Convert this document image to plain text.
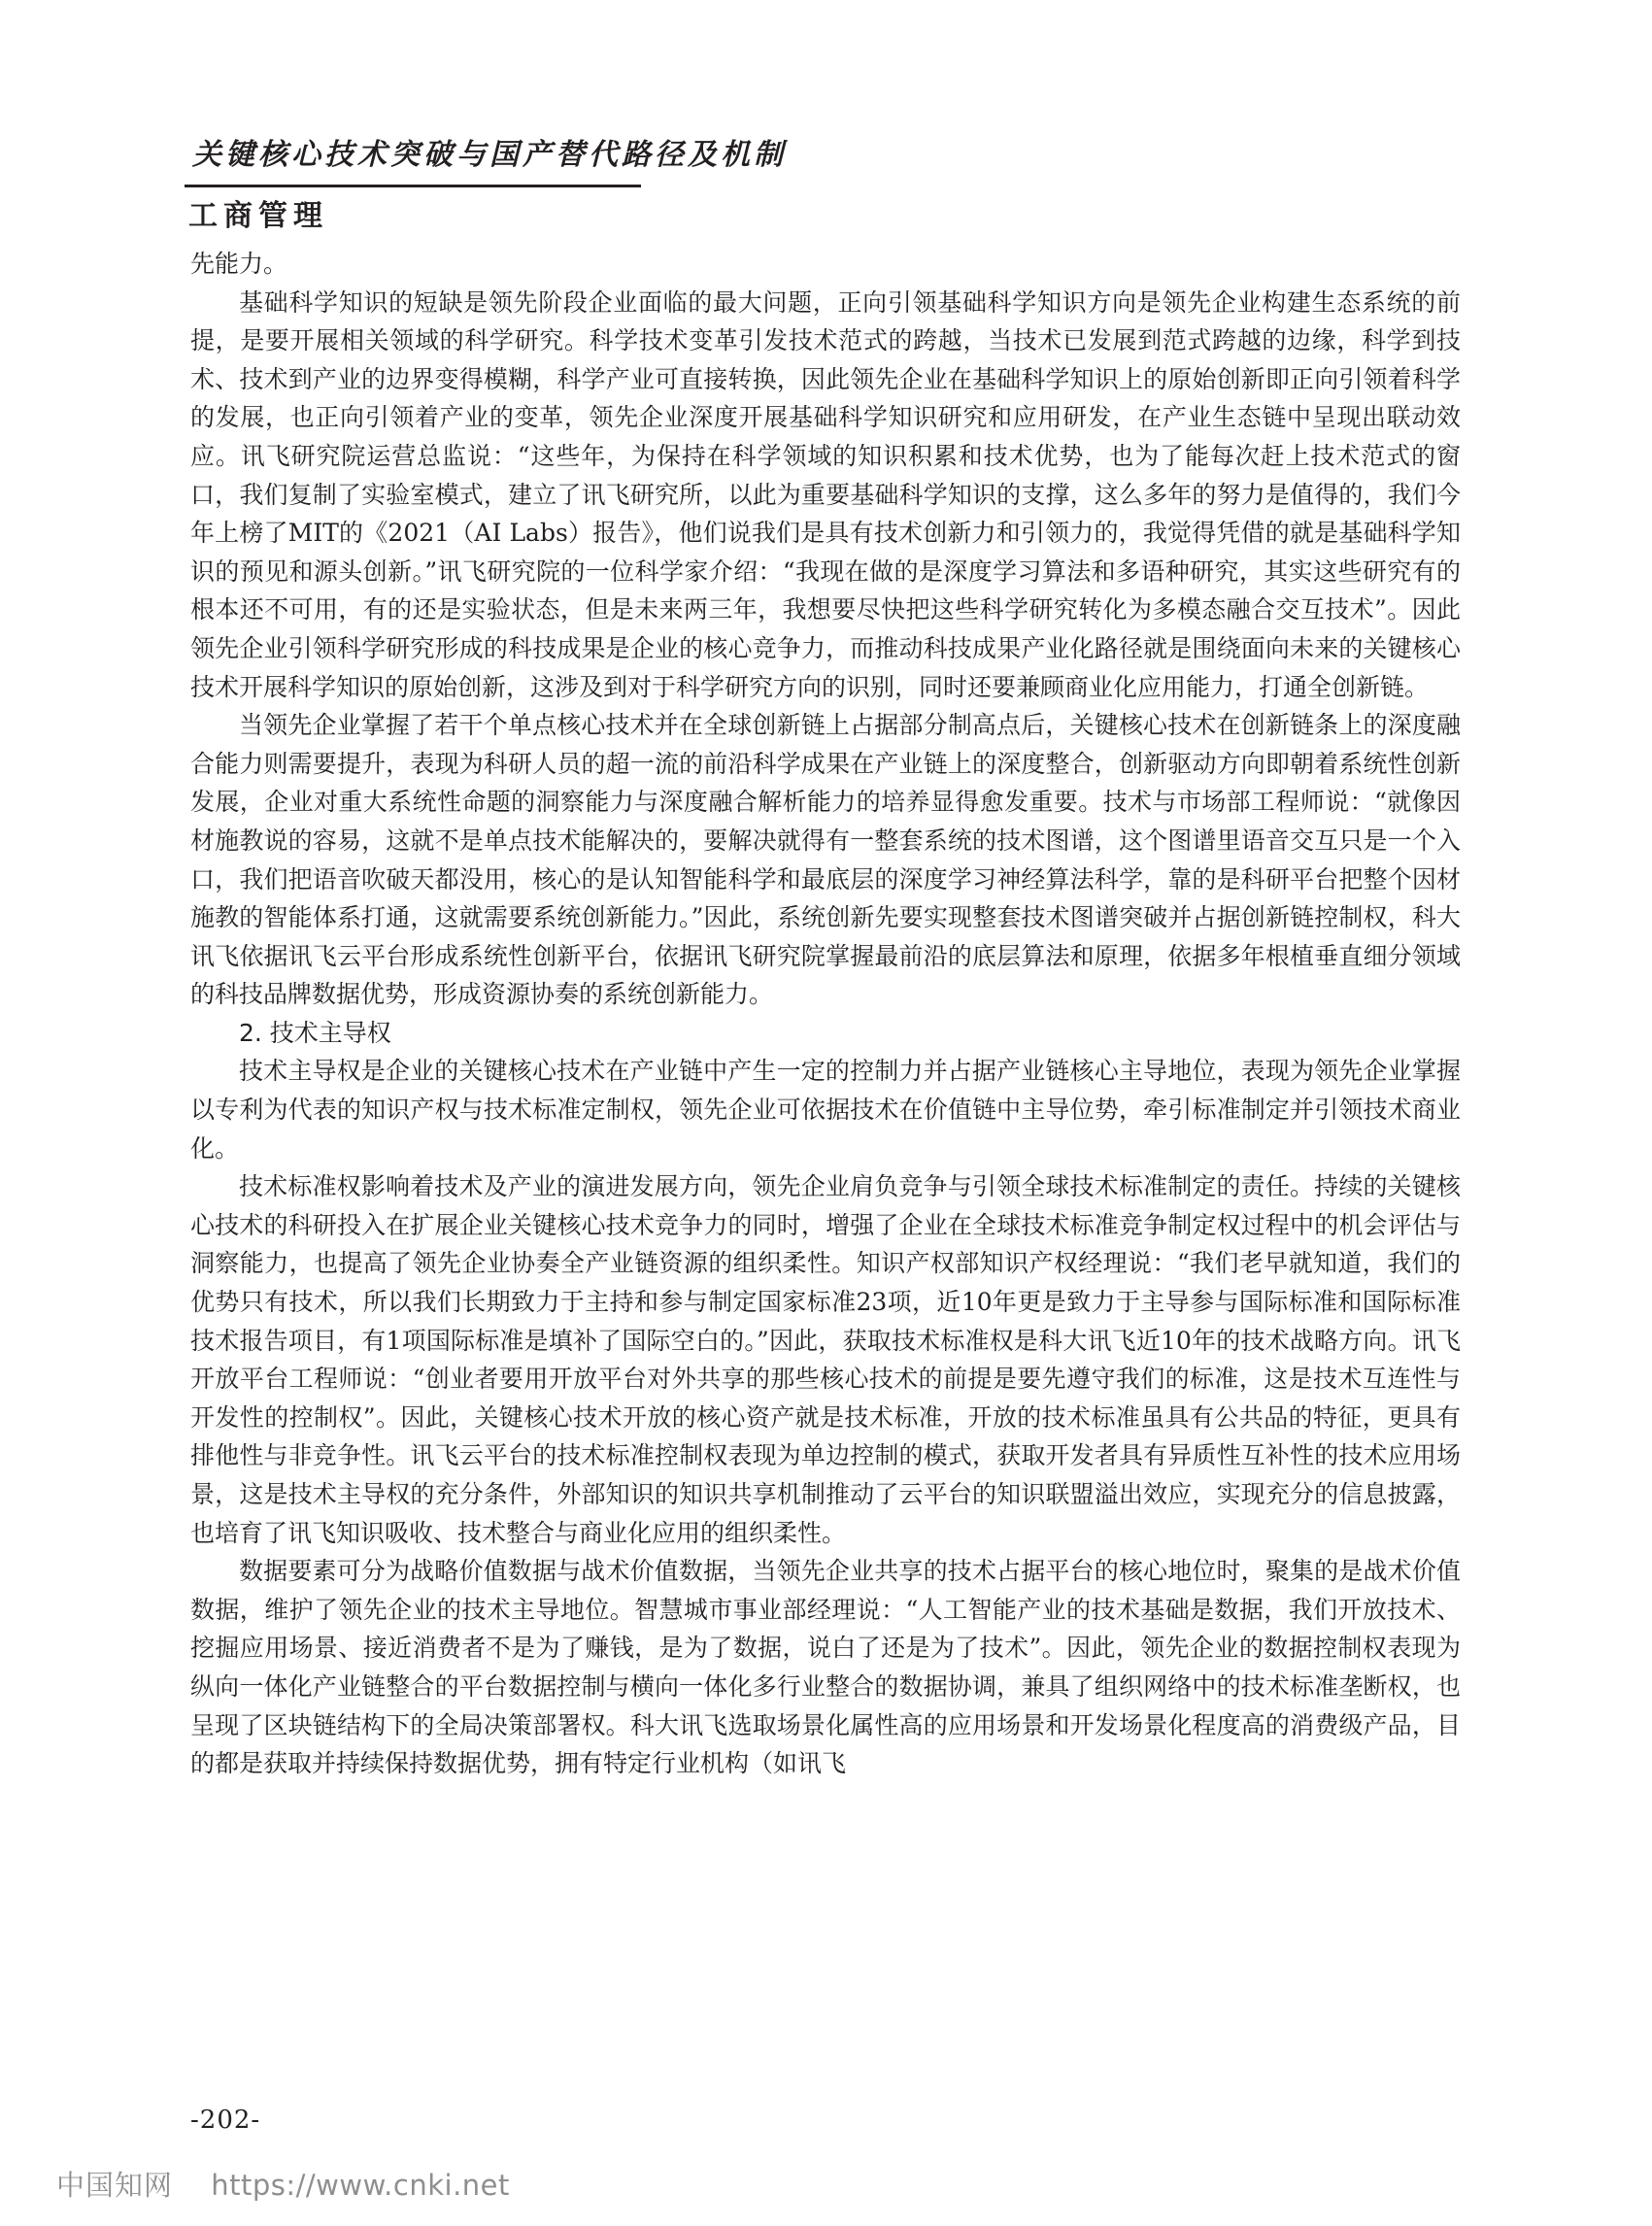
关键核心技术突破与国产替代路径及机制
工商管理

先能力。

基础科学知识的短缺是领先阶段企业面临的最大问题，正向引领基础科学知识方向是领先企业构建生态系统的前提，是要开展相关领域的科学研究。科学技术变革引发技术范式的跨越，当技术已发展到范式跨越的边缘，科学到技术、技术到产业的边界变得模糊，科学产业可直接转换，因此领先企业在基础科学知识上的原始创新即正向引领着科学的发展，也正向引领着产业的变革，领先企业深度开展基础科学知识研究和应用研发，在产业生态链中呈现出联动效应。讯飞研究院运营总监说：“这些年，为保持在科学领域的知识积累和技术优势，也为了能每次赶上技术范式的窗口，我们复制了实验室模式，建立了讯飞研究所，以此为重要基础科学知识的支撑，这么多年的努力是值得的，我们今年上榜了MIT的《2021（AI Labs）报告》，他们说我们是具有技术创新力和引领力的，我觉得凭借的就是基础科学知识的预见和源头创新。”讯飞研究院的一位科学家介绍：“我现在做的是深度学习算法和多语种研究，其实这些研究有的根本还不可用，有的还是实验状态，但是未来两三年，我想要尽快把这些科学研究转化为多模态融合交互技术”。因此领先企业引领科学研究形成的科技成果是企业的核心竞争力，而推动科技成果产业化路径就是围绕面向未来的关键核心技术开展科学知识的原始创新，这涉及到对于科学研究方向的识别，同时还要兼顾商业化应用能力，打通全创新链。

当领先企业掌握了若干个单点核心技术并在全球创新链上占据部分制高点后，关键核心技术在创新链条上的深度融合能力则需要提升，表现为科研人员的超一流的前沿科学成果在产业链上的深度整合，创新驱动方向即朝着系统性创新发展，企业对重大系统性命题的洞察能力与深度融合解析能力的培养显得愈发重要。技术与市场部工程师说：“就像因材施教说的容易，这就不是单点技术能解决的，要解决就得有一整套系统的技术图谱，这个图谱里语音交互只是一个入口，我们把语音吹破天都没用，核心的是认知智能科学和最底层的深度学习神经算法科学，靠的是科研平台把整个因材施教的智能体系打通，这就需要系统创新能力。”因此，系统创新先要实现整套技术图谱突破并占据创新链控制权，科大讯飞依据讯飞云平台形成系统性创新平台，依据讯飞研究院掌握最前沿的底层算法和原理，依据多年根植垂直细分领域的科技品牌数据优势，形成资源协奏的系统创新能力。

2. 技术主导权

技术主导权是企业的关键核心技术在产业链中产生一定的控制力并占据产业链核心主导地位，表现为领先企业掌握以专利为代表的知识产权与技术标准定制权，领先企业可依据技术在价值链中主导位势，牵引标准制定并引领技术商业化。

技术标准权影响着技术及产业的演进发展方向，领先企业肩负竞争与引领全球技术标准制定的责任。持续的关键核心技术的科研投入在扩展企业关键核心技术竞争力的同时，增强了企业在全球技术标准竞争制定权过程中的机会评估与洞察能力，也提高了领先企业协奏全产业链资源的组织柔性。知识产权部知识产权经理说：“我们老早就知道，我们的优势只有技术，所以我们长期致力于主持和参与制定国家标准23项，近10年更是致力于主导参与国际标准和国际标准技术报告项目，有1项国际标准是填补了国际空白的。”因此，获取技术标准权是科大讯飞近10年的技术战略方向。讯飞开放平台工程师说：“创业者要用开放平台对外共享的那些核心技术的前提是要先遵守我们的标准，这是技术互连性与开发性的控制权”。因此，关键核心技术开放的核心资产就是技术标准，开放的技术标准虽具有公共品的特征，更具有排他性与非竞争性。讯飞云平台的技术标准控制权表现为单边控制的模式，获取开发者具有异质性互补性的技术应用场景，这是技术主导权的充分条件，外部知识的知识共享机制推动了云平台的知识联盟溢出效应，实现充分的信息披露，也培育了讯飞知识吸收、技术整合与商业化应用的组织柔性。

数据要素可分为战略价值数据与战术价值数据，当领先企业共享的技术占据平台的核心地位时，聚集的是战术价值数据，维护了领先企业的技术主导地位。智慧城市事业部经理说：“人工智能产业的技术基础是数据，我们开放技术、挖掘应用场景、接近消费者不是为了赚钱，是为了数据，说白了还是为了技术”。因此，领先企业的数据控制权表现为纵向一体化产业链整合的平台数据控制与横向一体化多行业整合的数据协调，兼具了组织网络中的技术标准垄断权，也呈现了区块链结构下的全局决策部署权。科大讯飞选取场景化属性高的应用场景和开发场景化程度高的消费级产品，目的都是获取并持续保持数据优势，拥有特定行业机构（如讯飞

-202-
中国知网 https://www.cnki.net
